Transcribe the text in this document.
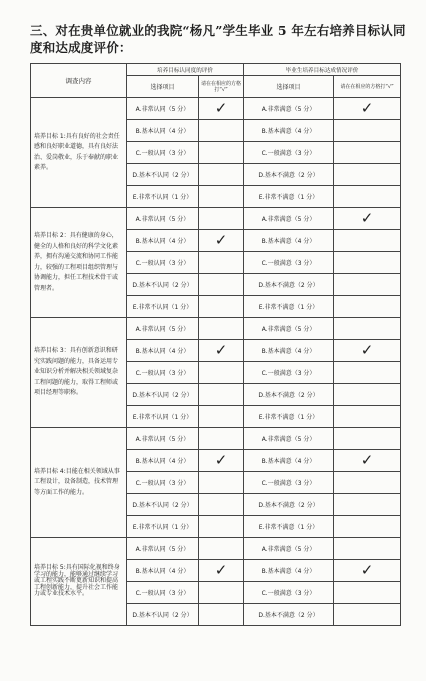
三、对在贵单位就业的我院“杨凡”学生毕业 5 年左右培养目标认同度和达成度评价：
调查内容	培养目标认同度的评价		毕业生培养目标达成情况评价	
	选择项目	请在在相应的方格打“√”	选择项目	请在在相应的方格打“√”

培养目标 1:具有良好的社会责任感和良好职业道德，具有良好法治、爱岗敬业，乐于奉献的职业素养。	A.非常认同（5 分）	✓	A.非常满意（5 分）	✓
	B.基本认同（4 分）		B.基本满意（4 分）	
	C.一般认同（3 分）		C.一般满意（3 分）	
	D.基本不认同（2 分）		D.基本不满意（2 分）	
	E.非常不认同（1 分）		E.非常不满意（1 分）	
培养目标 2：具有健康的身心，健全的人格和良好的科学文化素养，拥有沟通交流和协同工作能力，较强的工程项目组织管理与协调能力，担任工程技术骨干或管理者。	A.非常认同（5 分）		A.非常满意（5 分）	✓
	B.基本认同（4 分）	✓	B.基本满意（4 分）	
	C.一般认同（3 分）		C.一般满意（3 分）	
	D.基本不认同（2 分）		D.基本不满意（2 分）	
	E.非常不认同（1 分）		E.非常不满意（1 分）	
培养目标 3：具有创新意识和研究实践问题的能力，具备运用专业知识分析并解决相关领域复杂工程问题的能力，取得工程师或项目经理等职称。	A.非常认同（5 分）		A.非常满意（5 分）	
	B.基本认同（4 分）	✓	B.基本满意（4 分）	✓
	C.一般认同（3 分）		C.一般满意（3 分）	
	D.基本不认同（2 分）		D.基本不满意（2 分）	
	E.非常不认同（1 分）		E.非常不满意（1 分）	
培养目标 4:目能在相关领域从事工程设计，设备制造，技术管理等方面工作的能力。	A.非常认同（5 分）		A.非常满意（5 分）	
	B.基本认同（4 分）	✓	B.基本满意（4 分）	✓
	C.一般认同（3 分）		C.一般满意（3 分）	
	D.基本不认同（2 分）		D.基本不满意（2 分）	
	E.非常不认同（1 分）		E.非常不满意（1 分）	
培养目标 5:具有国际化视和终身学习的能力，能够通过继续学习或工程实践不断更新知识和提高工程创新能力，提升社会工作能力或专业技术水平。	A.非常认同（5 分）		A.非常满意（5 分）	
	B.基本认同（4 分）	✓	B.基本满意（4 分）	✓
	C.一般认同（3 分）		C.一般满意（3 分）	
	D.基本不认同（2 分）		D.基本不满意（2 分）	
